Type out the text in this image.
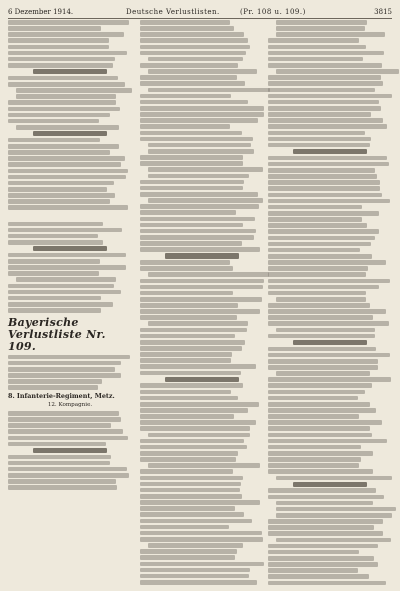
6 Dezember 1914.	Deutsche Verlustlisten.	(Pr. 108 u. 109.)	3815
Bayerische Verlustliste Nr. 109.
8. Infanterie-Regiment, Metz.
12. Kompagnie.
